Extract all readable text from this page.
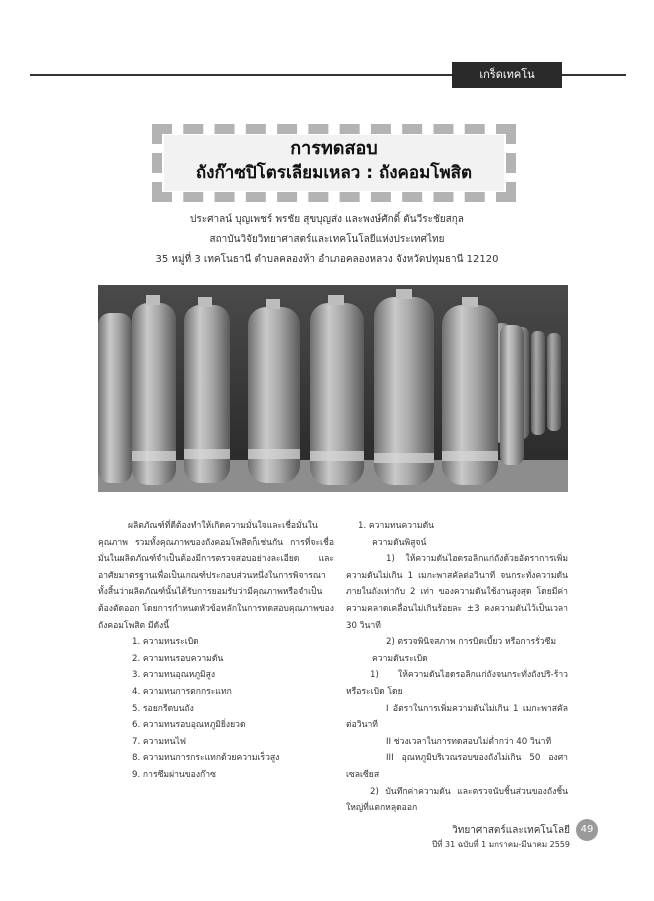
เกร็ดเทคโน
การทดสอบ
ถังก๊าซปิโตรเลียมเหลว : ถังคอมโพสิต
ประศาลน์ บุญเพชร์ พรชัย สุขบุญส่ง และพงษ์ศักดิ์ ตันวีระชัยสกุล
สถาบันวิจัยวิทยาศาสตร์และเทคโนโลยีแห่งประเทศไทย
35 หมู่ที่ 3 เทคโนธานี ตำบลคลองห้า อำเภอคลองหลวง จังหวัดปทุมธานี 12120

ผลิตภัณฑ์ที่ดีต้องทำให้เกิดความมั่นใจและเชื่อมั่นในคุณภาพ รวมทั้งคุณภาพของถังคอมโพสิตก็เช่นกัน การที่จะเชื่อมั่นในผลิตภัณฑ์จำเป็นต้องมีการตรวจสอบอย่างละเอียด และอาศัยมาตรฐานเพื่อเป็นเกณฑ์ประกอบส่วนหนึ่งในการพิจารณาทั้งสิ้นว่าผลิตภัณฑ์นั้นได้รับการยอมรับว่ามีคุณภาพหรือจำเป็นต้องตัดออก โดยการกำหนดหัวข้อหลักในการทดสอบคุณภาพของถังคอมโพสิต มีดังนี้

1. ความทนระเบิด
2. ความทนรอบความดัน
3. ความทนอุณหภูมิสูง
4. ความทนการตกกระแทก
5. รอยกรีดบนถัง
6. ความทนรอบอุณหภูมิยิ่งยวด
7. ความทนไฟ
8. ความทนการกระแทกด้วยความเร็วสูง
9. การซึมผ่านของก๊าซ

1. ความทนความดัน

ความดันพิสูจน์

1) ให้ความดันไฮดรอลิกแก่ถังด้วยอัตราการเพิ่มความดันไม่เกิน 1 เมกะพาสคัลต่อวินาที จนกระทั่งความดันภายในถังเท่ากับ 2 เท่า ของความดันใช้งานสูงสุด โดยมีค่าความคลาดเคลื่อนไม่เกินร้อยละ ±3 คงความดันไว้เป็นเวลา 30 วินาที

2) ตรวจพินิจสภาพ การบิดเบี้ยว หรือการรั่วซึม

ความดันระเบิด

1) ให้ความดันไฮดรอลิกแก่ถังจนกระทั่งถังปริ-ร้าว หรือระเบิด โดย

I อัตราในการเพิ่มความดันไม่เกิน 1 เมกะพาสคัลต่อวินาที

II ช่วงเวลาในการทดสอบไม่ต่ำกว่า 40 วินาที

III อุณหภูมิบริเวณรอบของถังไม่เกิน 50 องศาเซลเซียส

2) บันทึกค่าความดัน และตรวจนับชิ้นส่วนของถังชิ้นใหญ่ที่แตกหลุดออก

วิทยาศาสตร์และเทคโนโลยี
ปีที่ 31 ฉบับที่ 1 มกราคม-มีนาคม 2559
49
